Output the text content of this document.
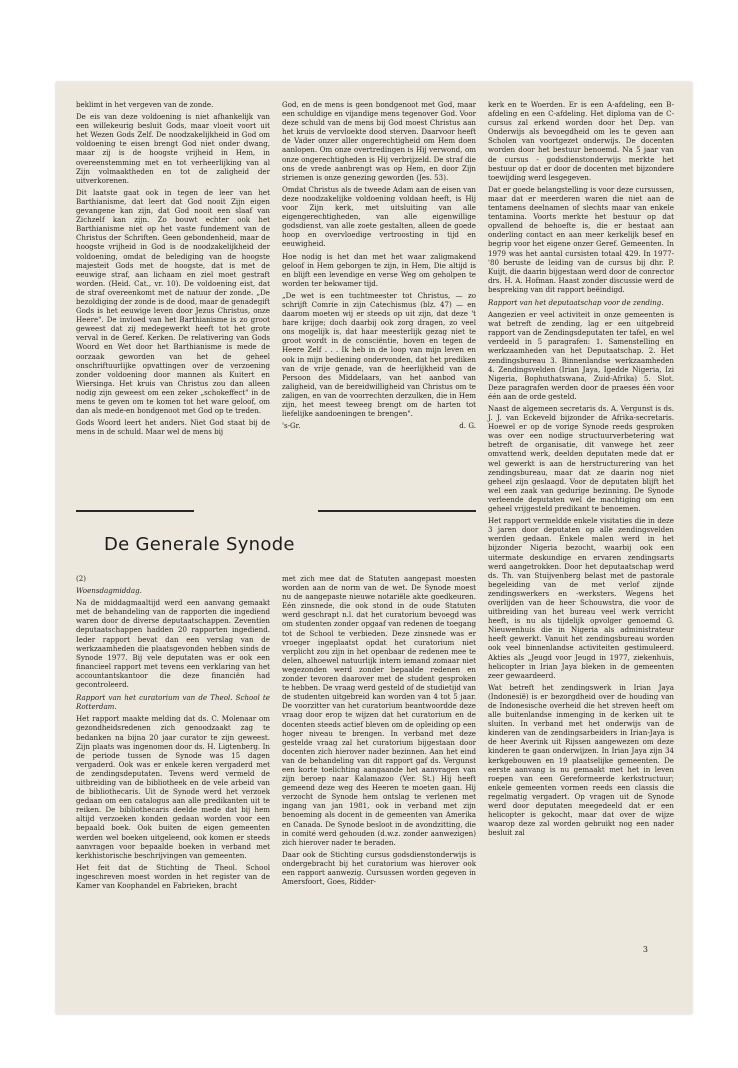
beklimt in het vergeven van de zonde.

De eis van deze voldoening is niet afhankelijk van een willekeurig besluit Gods, maar vloeit voort uit het Wezen Gods Zelf. De noodzakelijkheid in God om voldoening te eisen brengt God niet onder dwang, maar zij is de hoogste vrijheid in Hem, in overeenstemming met en tot verheerlijking van al Zijn volmaaktheden en tot de zaligheid der uitverkorenen.

Dit laatste gaat ook in tegen de leer van het Barthianisme, dat leert dat God nooit Zijn eigen gevangene kan zijn, dat God nooit een slaaf van Zichzelf kan zijn. Zo bouwt echter ook het Barthianisme niet op het vaste fundement van de Christus der Schriften. Geen gebondenheid, maar de hoogste vrijheid in God is de noodzakelijkheid der voldoening, omdat de belediging van de hoogste majesteit Gods met de hoogste, dat is met de eeuwige straf, aan lichaam en ziel moet gestraft worden. (Heid. Cat., vr. 10). De voldoening eist, dat de straf overeenkomt met de natuur der zonde. „De bezoldiging der zonde is de dood, maar de genadegift Gods is het eeuwige leven door Jezus Christus, onze Heere". De invloed van het Barthianisme is zo groot geweest dat zij medegewerkt heeft tot het grote verval in de Geref. Kerken. De relativering van Gods Woord en Wet door het Barthianisme is mede de oorzaak geworden van het de geheel onschriftuurlijke opvattingen over de verzoening zonder voldoening door mannen als Kuitert en Wiersinga. Het kruis van Christus zou dan alleen nodig zijn geweest om een zeker „schokeffect" in de mens te geven om te komen tot het ware geloof, om dan als mede-en bondgenoot met God op te treden.

Gods Woord leert het anders. Niet God staat bij de mens in de schuld. Maar wel de mens bij

God, en de mens is geen bondgenoot met God, maar een schuldige en vijandige mens tegenover God. Voor deze schuld van de mens bij God moest Christus aan het kruis de vervloekte dood sterven. Daarvoor heeft de Vader onzer aller ongerechtigheid om Hem doen aanlopen. Om onze overtredingen is Hij verwond, om onze ongerechtigheden is Hij verbrijzeld. De straf die ons de vrede aanbrengt was op Hem, en door Zijn striemen is onze genezing geworden (Jes. 53).

Omdat Christus als de tweede Adam aan de eisen van deze noodzakelijke voldoening voldaan heeft, is Hij voor Zijn kerk, met uitsluiting van alle eigengerechtigheden, van alle eigenwillige godsdienst, van alle zoete gestalten, alleen de goede hoop en overvloedige vertroosting in tijd en eeuwigheid.

Hoe nodig is het dan met het waar zaligmakend geloof in Hem geborgen te zijn, in Hem, Die altijd is en blijft een levendige en verse Weg om geholpen te worden ter bekwamer tijd.

„De wet is een tuchtmeester tot Christus, — zo schrijft Comrie in zijn Catechismus (blz. 47) — en daarom moeten wij er steeds op uit zijn, dat deze 't hare krijge; doch daarbij ook zorg dragen, zo veel ons mogelijk is, dat haar meesterlijk gezag niet te groot wordt in de consciëntie, boven en tegen de Heere Zelf . . . Ik heb in de loop van mijn leven en ook in mijn bediening ondervonden, dat het prediken van de vrije genade, van de heerlijkheid van de Persoon des Middelaars, van het aanbod van zaligheid, van de bereidwilligheid van Christus om te zaligen, en van de voorrechten derzulken, die in Hem zijn, het meest teweeg brengt om de harten tot liefelijke aandoeningen te brengen".

's-Gr.	d. G.

kerk en te Woerden. Er is een A-afdeling, een B-afdeling en een C-afdeling. Het diploma van de C-cursus zal erkend worden door het Dep. van Onderwijs als bevoegdheid om les te geven aan Scholen van voortgezet onderwijs. De docenten worden door het bestuur benoemd. Na 5 jaar van de cursus - godsdienstonderwijs merkte het bestuur op dat er door de docenten met bijzondere toewijding werd lesgegeven.

Dat er goede belangstelling is voor deze cursussen, maar dat er meerderen waren die niet aan de tentamens deelnamen of slechts maar van enkele tentamina. Voorts merkte het bestuur op dat opvallend de behoefte is, die er bestaat aan onderling contact en aan meer kerkelijk besef en begrip voor het eigene onzer Geref. Gemeenten. In 1979 was het aantal cursisten totaal 429. In 1977-'80 beruste de leiding van de cursus bij dhr. P. Kuijt, die daarin bijgestaan werd door de conrector drs. H. A. Hofman. Haast zonder discussie werd de bespreking van dit rapport beëindigd.

Rapport van het deputaatschap voor de zending.

Aangezien er veel activiteit in onze gemeenten is wat betreft de zending, lag er een uitgebreid rapport van de Zendingsdeputaten ter tafel, en wel verdeeld in 5 paragrafen: 1. Samenstelling en werkzaamheden van het Deputaatschap. 2. Het zendingsbureau 3. Binnenlandse werkzaamheden 4. Zendingsvelden (Irian Jaya, Igedde Nigeria, Izi Nigeria, Bophuthatswana, Zuid-Afrika) 5. Slot. Deze paragrafen werden door de praeses één voor één aan de orde gesteld.

Naast de algemeen secretaris ds. A. Vergunst is ds. J. J. van Eckeveld bijzonder de Afrika-secretaris. Hoewel er op de vorige Synode reeds gesproken was over een nodige structuurverbetering wat betreft de organisatie, dit vanwege het zeer omvattend werk, deelden deputaten mede dat er wel gewerkt is aan de herstructurering van het zendingsbureau, maar dat ze daarin nog niet geheel zijn geslaagd. Voor de deputaten blijft het wel een zaak van gedurige bezinning. De Synode verleende deputaten wel de machtiging om een geheel vrijgesteld predikant te benoemen.

Het rapport vermeldde enkele visitaties die in deze 3 jaren door deputaten op alle zendingsvelden werden gedaan. Enkele malen werd in het bijzonder Nigeria bezocht, waarbij ook een uitermate deskundige en ervaren zendingsarts werd aangetrokken. Door het deputaatschap werd ds. Th. van Stuijvenberg belast met de pastorale begeleiding van de met verlof zijnde zendingswerkers en -werksters. Wegens het overlijden van de heer Schouwstra, die voor de uitbreiding van het bureau veel werk verricht heeft, is nu als tijdelijk opvolger genoemd G. Nieuwenhuis die in Nigeria als administrateur heeft gewerkt. Vanuit het zendingsbureau worden ook veel binnenlandse activiteiten gestimuleerd. Akties als „Jeugd voor Jeugd in 1977, ziekenhuis, helicopter in Irian Jaya bleken in de gemeenten zeer gewaardeerd.

Wat betreft het zendingswerk in Irian Jaya (Indonesië) is er bezorgdheid over de houding van de Indonesische overheid die het streven heeft om alle buitenlandse inmenging in de kerken uit te sluiten. In verband met het onderwijs van de kinderen van de zendingsarbeiders in Irian-Jaya is de heer Averink uit Rijssen aangewezen om deze kinderen te gaan onderwijzen. In Irian Jaya zijn 34 kerkgebouwen en 19 plaatselijke gemeenten. De eerste aanvang is nu gemaakt met het in leven roepen van een Gereformeerde kerkstructuur; enkele gemeenten vormen reeds een classis die regelmatig vergadert. Op vragen uit de Synode werd door deputaten meegedeeld dat er een helicopter is gekocht, maar dat over de wijze waarop deze zal worden gebruikt nog een nader besluit zal

De Generale Synode

(2)

Woensdagmiddag.

Na de middagmaaltijd werd een aanvang gemaakt met de behandeling van de rapporten die ingediend waren door de diverse deputaatschappen. Zeventien deputaatschappen hadden 20 rapporten ingediend. Ieder rapport bevat dan een verslag van de werkzaamheden die plaatsgevonden hebben sinds de Synode 1977. Bij vele deputaten was er ook een financieel rapport met tevens een verklaring van het accountantskantoor die deze financiën had gecontroleerd.

Rapport van het curatorium van de Theol. School te Rotterdam.

Het rapport maakte melding dat ds. C. Molenaar om gezondheidsredenen zich genoodzaakt zag te bedanken na bijna 20 jaar curator te zijn geweest. Zijn plaats was ingenomen door ds. H. Ligtenberg. In de periode tussen de Synode was 15 dagen vergaderd. Ook was er enkele keren vergaderd met de zendingsdeputaten. Tevens werd vermeld de uitbreiding van de bibliotheek en de vele arbeid van de bibliothecaris. Uit de Synode werd het verzoek gedaan om een catalogus aan alle predikanten uit te reiken. De bibliothecaris deelde mede dat bij hem altijd verzoeken konden gedaan worden voor een bepaald boek. Ook buiten de eigen gemeenten werden wel boeken uitgeleend, ook komen er steeds aanvragen voor bepaalde boeken in verband met kerkhistorische beschrijvingen van gemeenten.

Het feit dat de Stichting de Theol. School ingeschreven moest worden in het register van de Kamer van Koophandel en Fabrieken, bracht

met zich mee dat de Statuten aangepast moesten worden aan de norm van de wet. De Synode moest nu de aangepaste nieuwe notariële akte goedkeuren. Eén zinsnede, die ook stond in de oude Statuten werd geschrapt n.l. dat het curatorium bevoegd was om studenten zonder opgaaf van redenen de toegang tot de School te verbieden. Deze zinsnede was er vroeger ingeplaatst opdat het curatorium niet verplicht zou zijn in het openbaar de redenen mee te delen, alhoewel natuurlijk intern iemand zomaar niet wegezonden werd zonder bepaalde redenen en zonder tevoren daarover met de student gesproken te hebben. De vraag werd gesteld of de studietijd van de studenten uitgebreid kan worden van 4 tot 5 jaar. De voorzitter van het curatorium beantwoordde deze vraag door erop te wijzen dat het curatorium en de docenten steeds actief bleven om de opleiding op een hoger niveau te brengen. In verband met deze gestelde vraag zal het curatorium bijgestaan door docenten zich hierover nader bezinnen. Aan het eind van de behandeling van dit rapport gaf ds. Vergunst een korte toelichting aangaande het aanvragen van zijn beroep naar Kalamazoo (Ver. St.) Hij heeft gemeend deze weg des Heeren te moeten gaan. Hij verzocht de Synode hem ontslag te verlenen met ingang van jan 1981, ook in verband met zijn benoeming als docent in de gemeenten van Amerika en Canada. De Synode besloot in de avondzitting, die in comité werd gehouden (d.w.z. zonder aanwezigen) zich hierover nader te beraden.

Daar ook de Stichting cursus godsdienstonderwijs is ondergebracht bij het curatorium was hierover ook een rapport aanwezig. Cursussen worden gegeven in Amersfoort, Goes, Ridder-

3
